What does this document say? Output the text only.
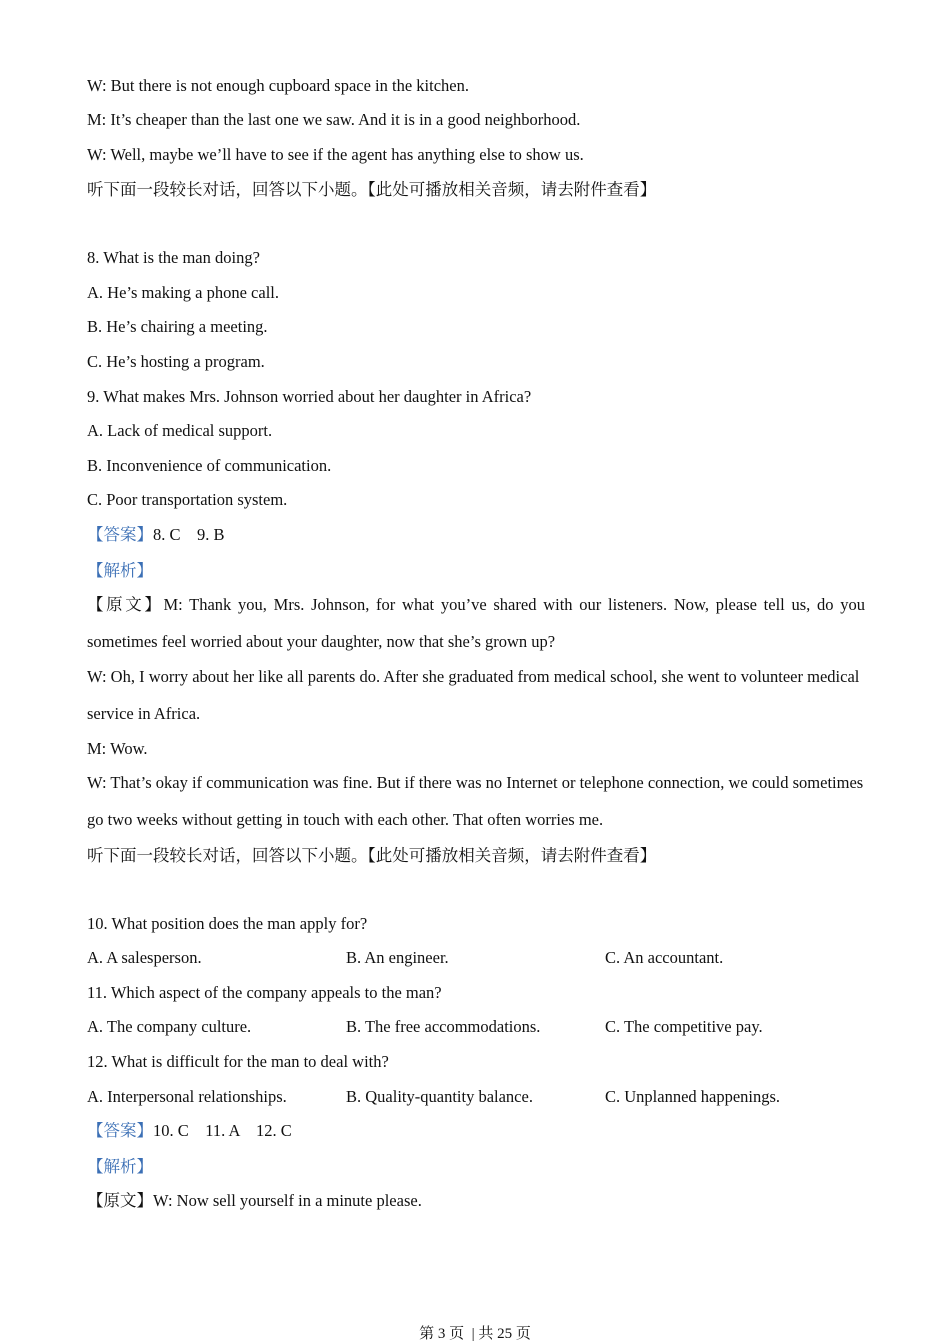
W: But there is not enough cupboard space in the kitchen.
M: It’s cheaper than the last one we saw. And it is in a good neighborhood.
W: Well, maybe we’ll have to see if the agent has anything else to show us.
听下面一段较长对话，回答以下小题。【此处可播放相关音频，请去附件查看】
8. What is the man doing?
A. He’s making a phone call.
B. He’s chairing a meeting.
C. He’s hosting a program.
9. What makes Mrs. Johnson worried about her daughter in Africa?
A. Lack of medical support.
B. Inconvenience of communication.
C. Poor transportation system.
【答案】8. C    9. B
【解析】
【原文】M: Thank you, Mrs. Johnson, for what you’ve shared with our listeners. Now, please tell us, do you
sometimes feel worried about your daughter, now that she’s grown up?
W: Oh, I worry about her like all parents do. After she graduated from medical school, she went to volunteer medical
service in Africa.
M: Wow.
W: That’s okay if communication was fine. But if there was no Internet or telephone connection, we could sometimes
go two weeks without getting in touch with each other. That often worries me.
听下面一段较长对话，回答以下小题。【此处可播放相关音频，请去附件查看】
10. What position does the man apply for?
A. A salesperson.	B. An engineer.	C. An accountant.
11. Which aspect of the company appeals to the man?
A. The company culture.	B. The free accommodations.	C. The competitive pay.
12. What is difficult for the man to deal with?
A. Interpersonal relationships.	B. Quality-quantity balance.	C. Unplanned happenings.
【答案】10. C    11. A    12. C
【解析】
【原文】W: Now sell yourself in a minute please.
第 3 页  | 共 25 页
